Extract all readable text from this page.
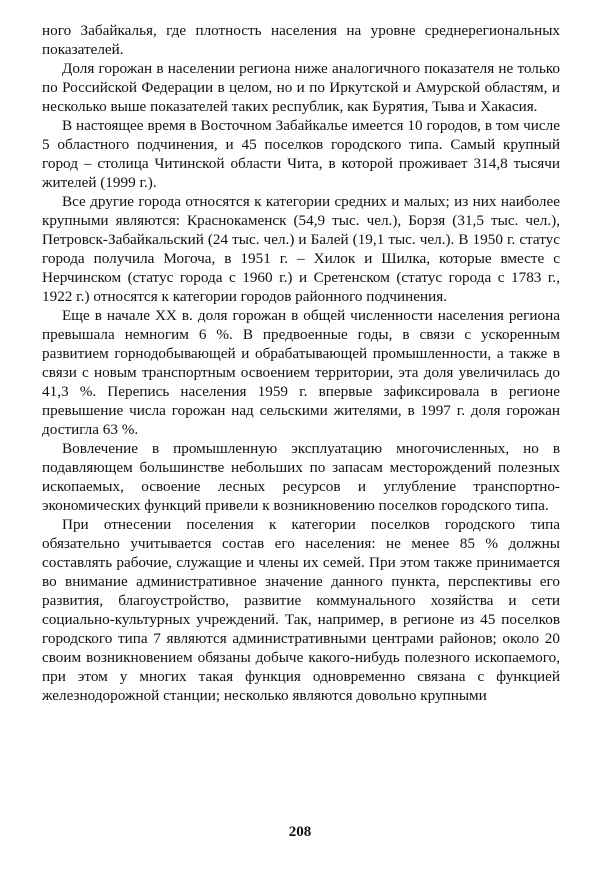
ного Забайкалья, где плотность населения на уровне среднерегиональных показателей.

Доля горожан в населении региона ниже аналогичного показателя не только по Российской Федерации в целом, но и по Иркутской и Амурской областям, и несколько выше показателей таких республик, как Бурятия, Тыва и Хакасия.

В настоящее время в Восточном Забайкалье имеется 10 городов, в том числе 5 областного подчинения, и 45 поселков городского типа. Самый крупный город – столица Читинской области Чита, в которой проживает 314,8 тысячи жителей (1999 г.).

Все другие города относятся к категории средних и малых; из них наиболее крупными являются: Краснокаменск (54,9 тыс. чел.), Борзя (31,5 тыс. чел.), Петровск-Забайкальский (24 тыс. чел.) и Балей (19,1 тыс. чел.). В 1950 г. статус города получила Могоча, в 1951 г. – Хилок и Шилка, которые вместе с Нерчинском (статус города с 1960 г.) и Сретенском (статус города с 1783 г., 1922 г.) относятся к категории городов районного подчинения.

Еще в начале XX в. доля горожан в общей численности населения региона превышала немногим 6 %. В предвоенные годы, в связи с ускоренным развитием горнодобывающей и обрабатывающей промышленности, а также в связи с новым транспортным освоением территории, эта доля увеличилась до 41,3 %. Перепись населения 1959 г. впервые зафиксировала в регионе превышение числа горожан над сельскими жителями, в 1997 г. доля горожан достигла 63 %.

Вовлечение в промышленную эксплуатацию многочисленных, но в подавляющем большинстве небольших по запасам месторождений полезных ископаемых, освоение лесных ресурсов и углубление транспортно-экономических функций привели к возникновению поселков городского типа.

При отнесении поселения к категории поселков городского типа обязательно учитывается состав его населения: не менее 85 % должны составлять рабочие, служащие и члены их семей. При этом также принимается во внимание административное значение данного пункта, перспективы его развития, благоустройство, развитие коммунального хозяйства и сети социально-культурных учреждений. Так, например, в регионе из 45 поселков городского типа 7 являются административными центрами районов; около 20 своим возникновением обязаны добыче какого-нибудь полезного ископаемого, при этом у многих такая функция одновременно связана с функцией железнодорожной станции; несколько являются довольно крупными

208
